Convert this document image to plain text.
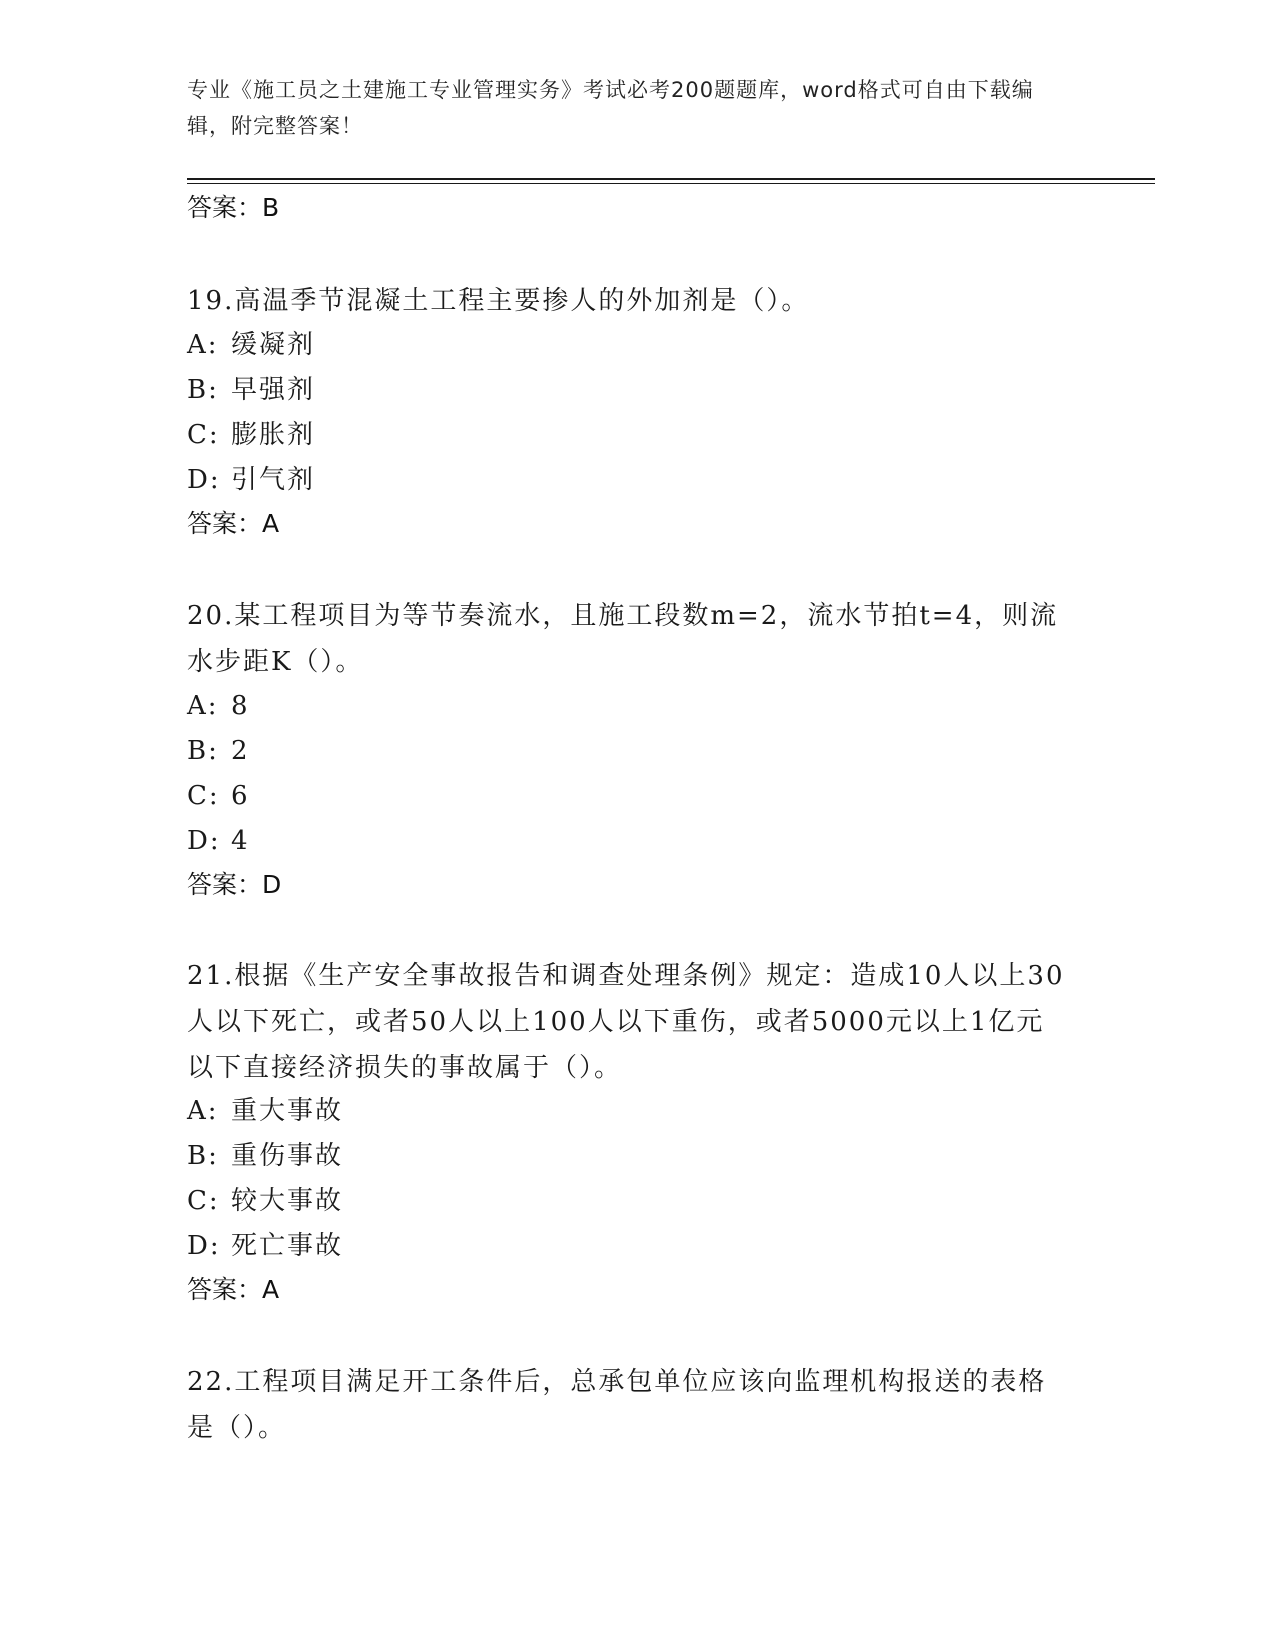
专业《施工员之土建施工专业管理实务》考试必考200题题库，word格式可自由下载编辑，附完整答案！
答案：B
19.高温季节混凝土工程主要掺人的外加剂是（）。
A: 缓凝剂
B: 早强剂
C: 膨胀剂
D: 引气剂
答案：A
20.某工程项目为等节奏流水，且施工段数m=2，流水节拍t=4，则流水步距K（）。
A: 8
B: 2
C: 6
D: 4
答案：D
21.根据《生产安全事故报告和调查处理条例》规定：造成10人以上30人以下死亡，或者50人以上100人以下重伤，或者5000元以上1亿元以下直接经济损失的事故属于（）。
A: 重大事故
B: 重伤事故
C: 较大事故
D: 死亡事故
答案：A
22.工程项目满足开工条件后，总承包单位应该向监理机构报送的表格是（）。
